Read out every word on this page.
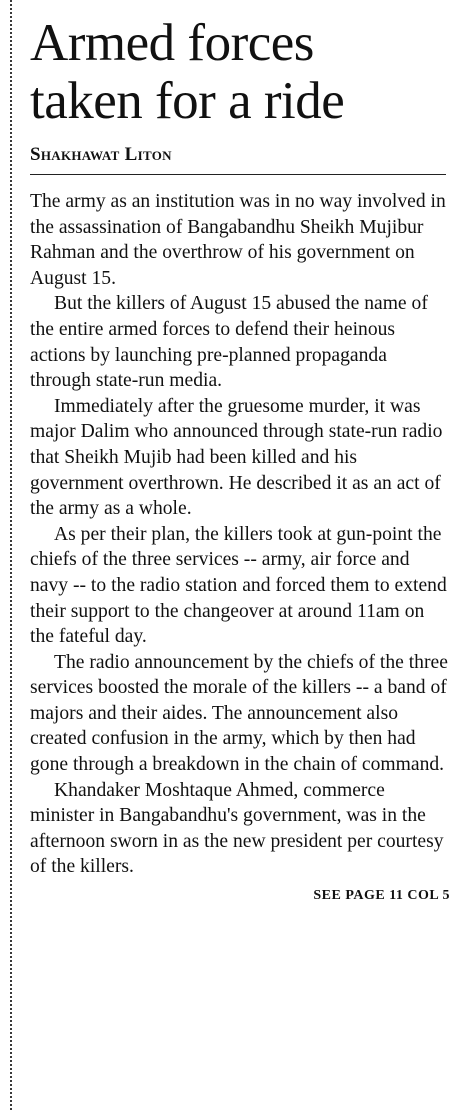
Armed forces
taken for a ride
Shakhawat Liton

The army as an institution was in no way involved in the assassination of Bangabandhu Sheikh Mujibur Rahman and the overthrow of his government on August 15.

But the killers of August 15 abused the name of the entire armed forces to defend their heinous actions by launching pre-planned propaganda through state-run media.

Immediately after the gruesome murder, it was major Dalim who announced through state-run radio that Sheikh Mujib had been killed and his government overthrown. He described it as an act of the army as a whole.

As per their plan, the killers took at gun-point the chiefs of the three services -- army, air force and navy -- to the radio station and forced them to extend their support to the changeover at around 11am on the fateful day.

The radio announcement by the chiefs of the three services boosted the morale of the killers -- a band of majors and their aides. The announcement also created confusion in the army, which by then had gone through a breakdown in the chain of command.

Khandaker Moshtaque Ahmed, commerce minister in Bangabandhu's government, was in the afternoon sworn in as the new president per courtesy of the killers.

SEE PAGE 11 COL 5
